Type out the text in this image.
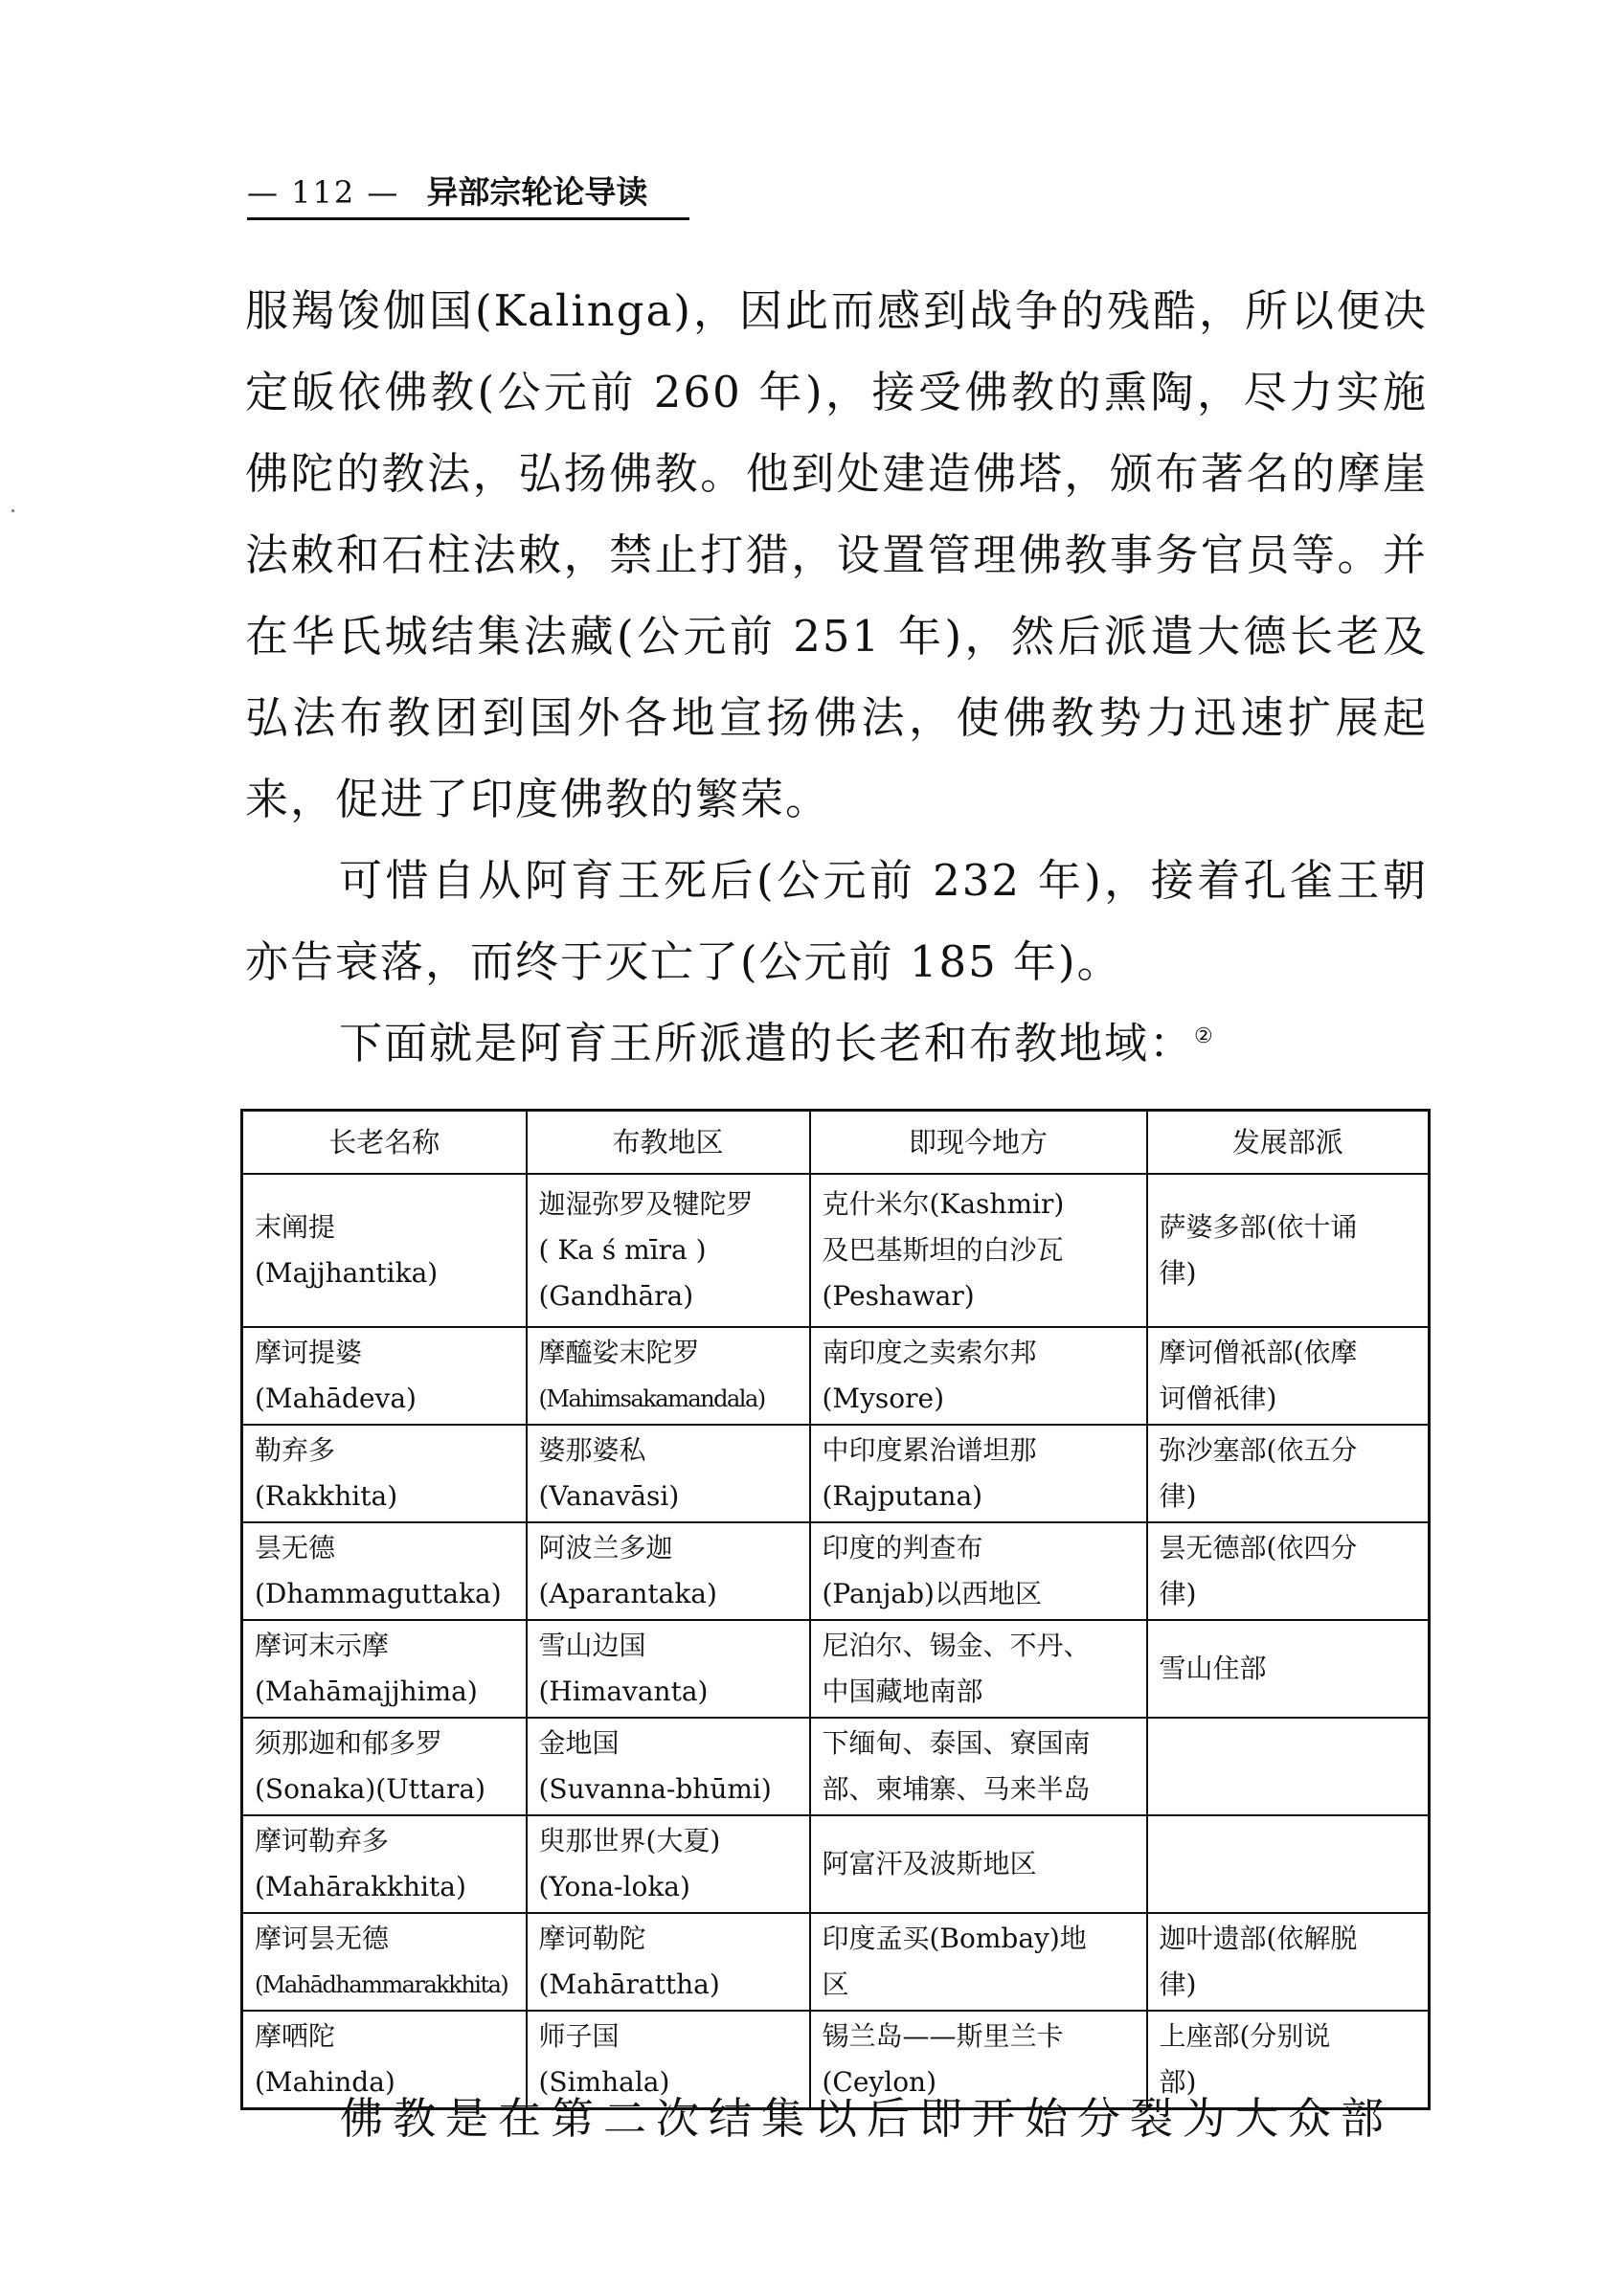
— 112 — 异部宗轮论导读

服羯馂伽国(Kalinga)，因此而感到战争的残酷，所以便决定皈依佛教(公元前 260 年)，接受佛教的熏陶，尽力实施佛陀的教法，弘扬佛教。他到处建造佛塔，颁布著名的摩崖法敕和石柱法敕，禁止打猎，设置管理佛教事务官员等。并在华氏城结集法藏(公元前 251 年)，然后派遣大德长老及弘法布教团到国外各地宣扬佛法，使佛教势力迅速扩展起来，促进了印度佛教的繁荣。

可惜自从阿育王死后(公元前 232 年)，接着孔雀王朝亦告衰落，而终于灭亡了(公元前 185 年)。

下面就是阿育王所派遣的长老和布教地域：②

长老名称	布教地区	即现今地方	发展部派

末阐提
(Majjhantika)	迦湿弥罗及犍陀罗
( Ka ś mīra )
(Gandhāra)	克什米尔(Kashmir)
及巴基斯坦的白沙瓦
(Peshawar)	萨婆多部(依十诵
律)

摩诃提婆
(Mahādeva)	摩醯娑末陀罗
(Mahimsakamandala)	南印度之卖索尔邦
(Mysore)	摩诃僧祇部(依摩
诃僧祇律)

勒弃多
(Rakkhita)	婆那婆私
(Vanavāsi)	中印度累治谱坦那
(Rajputana)	弥沙塞部(依五分
律)

昙无德
(Dhammaguttaka)	阿波兰多迦
(Aparantaka)	印度的判查布
(Panjab)以西地区	昙无德部(依四分
律)

摩诃末示摩
(Mahāmajjhima)	雪山边国
(Himavanta)	尼泊尔、锡金、不丹、
中国藏地南部	雪山住部

须那迦和郁多罗
(Sonaka)(Uttara)	金地国
(Suvanna-bhūmi)	下缅甸、泰国、寮国南
部、柬埔寨、马来半岛	

摩诃勒弃多
(Mahārakkhita)	臾那世界(大夏)
(Yona-loka)	阿富汗及波斯地区	

摩诃昙无德
(Mahādhammarakkhita)	摩诃勒陀
(Mahārattha)	印度孟买(Bombay)地
区	迦叶遗部(依解脱
律)

摩哂陀
(Mahinda)	师子国
(Simhala)	锡兰岛——斯里兰卡
(Ceylon)	上座部(分别说
部)
佛教是在第二次结集以后即开始分裂为大众部
